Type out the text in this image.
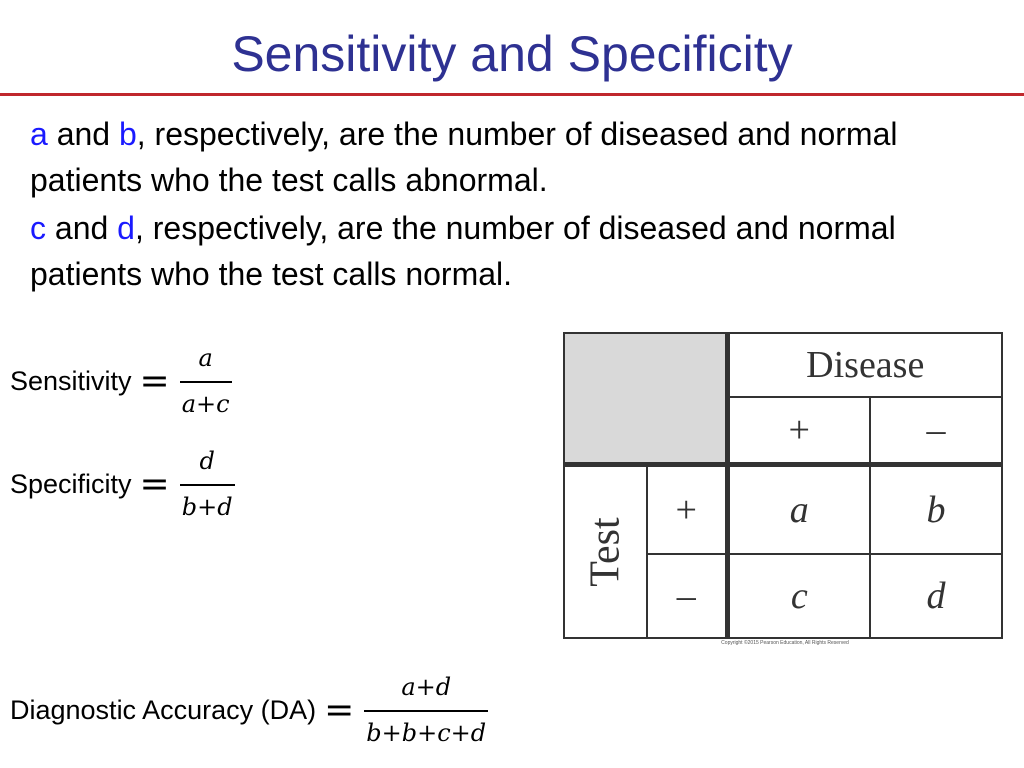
Sensitivity and Specificity
a and b, respectively, are the number of diseased and normal patients who the test calls abnormal.
c and d, respectively, are the number of diseased and normal patients who the test calls normal.
Sensitivity = $\frac{a}{a+c}$
Specificity = $\frac{d}{b+d}$
Diagnostic Accuracy $(DA) = \frac{a+d}{b+b+c+d}$
		Disease	
		+	–
Test	+	a	b
	–	c	d
Copyright ©2015 Pearson Education, All Rights Reserved
